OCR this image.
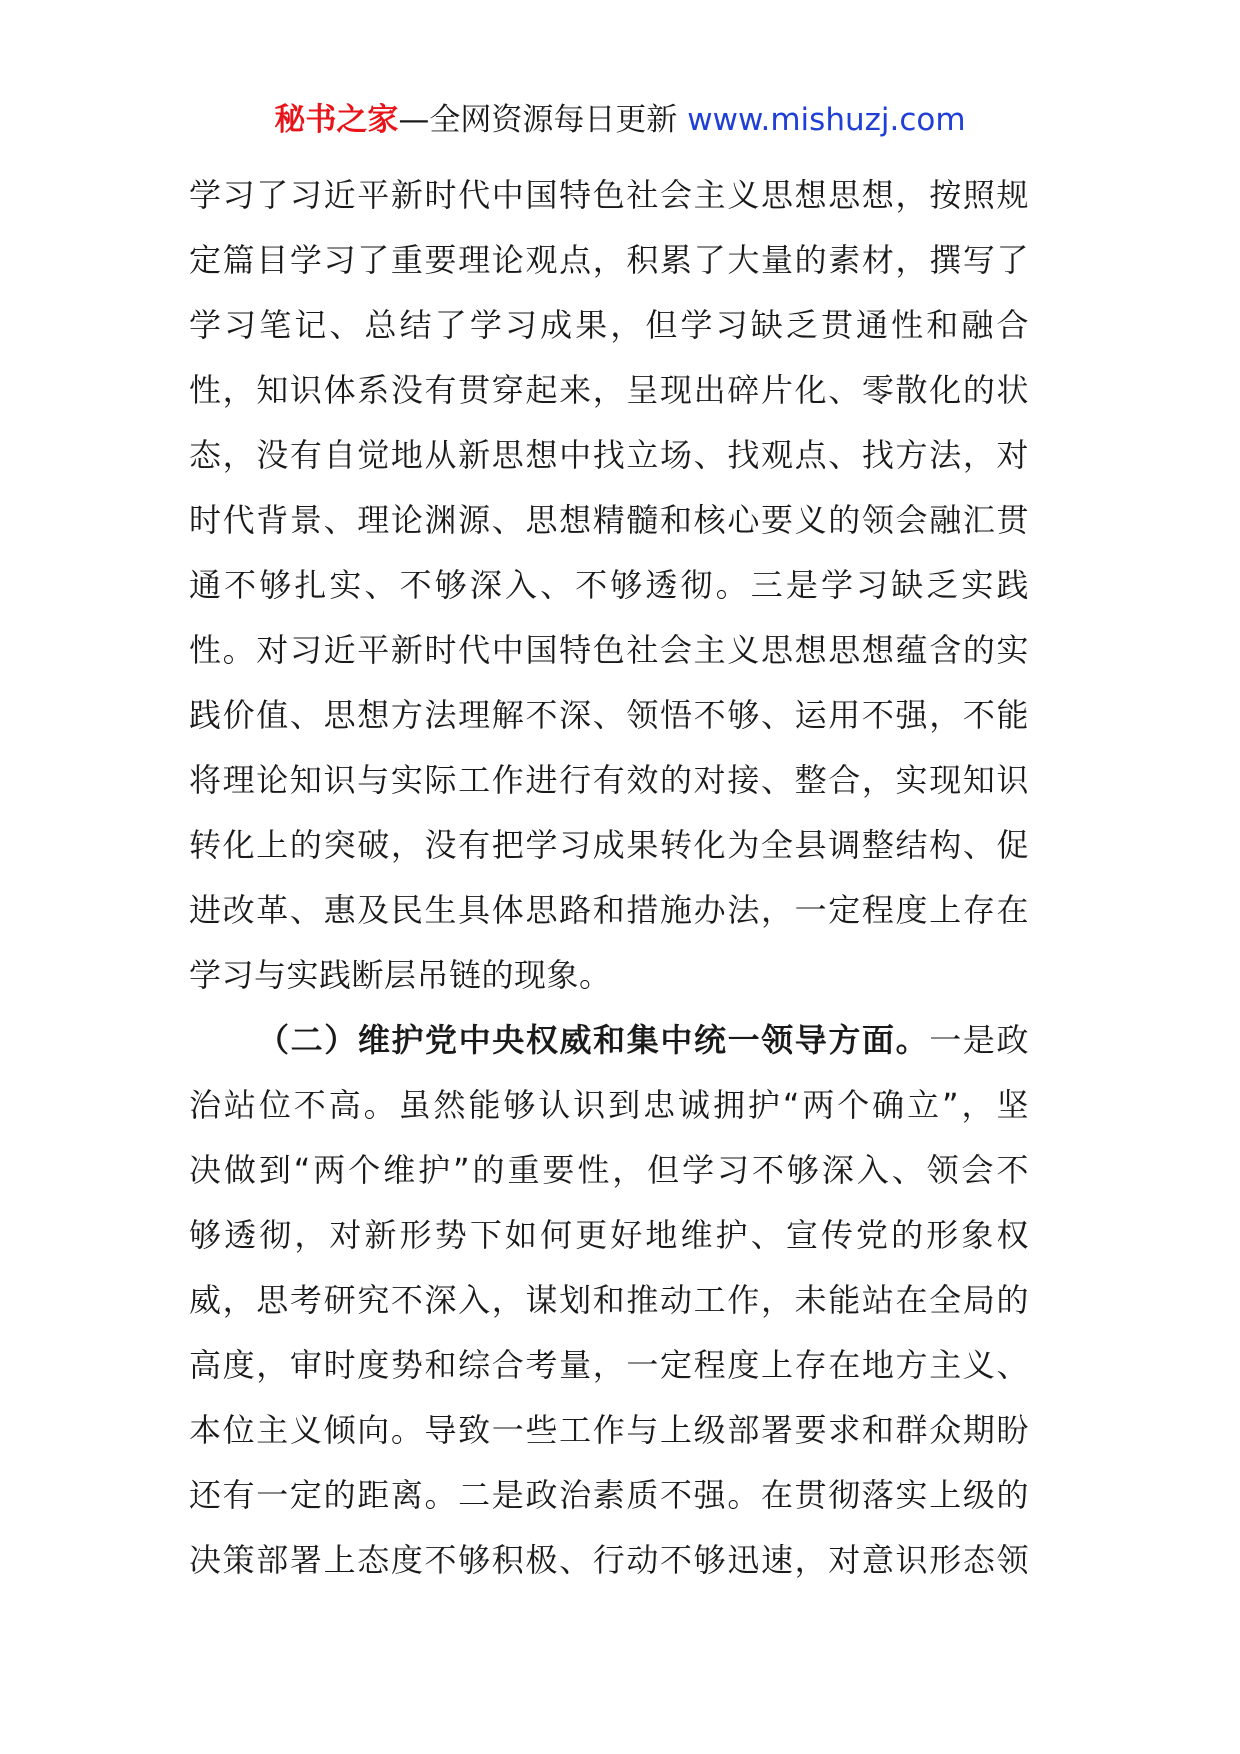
秘书之家—全网资源每日更新 www.mishuzj.com
学习了习近平新时代中国特色社会主义思想思想，按照规
定篇目学习了重要理论观点，积累了大量的素材，撰写了
学习笔记、总结了学习成果，但学习缺乏贯通性和融合
性，知识体系没有贯穿起来，呈现出碎片化、零散化的状
态，没有自觉地从新思想中找立场、找观点、找方法，对
时代背景、理论渊源、思想精髓和核心要义的领会融汇贯
通不够扎实、不够深入、不够透彻。三是学习缺乏实践
性。对习近平新时代中国特色社会主义思想思想蕴含的实
践价值、思想方法理解不深、领悟不够、运用不强，不能
将理论知识与实际工作进行有效的对接、整合，实现知识
转化上的突破，没有把学习成果转化为全县调整结构、促
进改革、惠及民生具体思路和措施办法，一定程度上存在
学习与实践断层吊链的现象。
（二）维护党中央权威和集中统一领导方面。一是政
治站位不高。虽然能够认识到忠诚拥护“两个确立”，坚
决做到“两个维护”的重要性，但学习不够深入、领会不
够透彻，对新形势下如何更好地维护、宣传党的形象权
威，思考研究不深入，谋划和推动工作，未能站在全局的
高度，审时度势和综合考量，一定程度上存在地方主义、
本位主义倾向。导致一些工作与上级部署要求和群众期盼
还有一定的距离。二是政治素质不强。在贯彻落实上级的
决策部署上态度不够积极、行动不够迅速，对意识形态领
